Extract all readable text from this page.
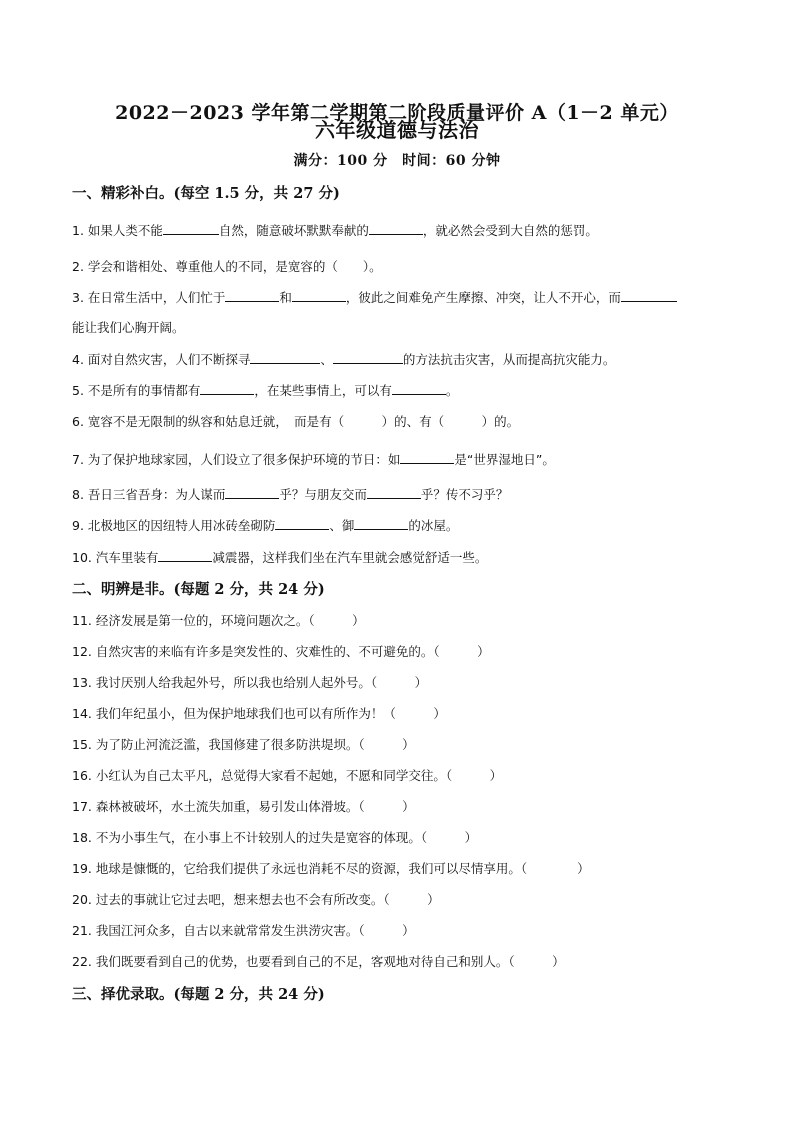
2022－2023 学年第二学期第二阶段质量评价 A（1－2 单元）
六年级道德与法治
满分：100 分　时间：60 分钟
一、精彩补白。(每空 1.5 分，共 27 分)
1. 如果人类不能	自然，随意破坏默默奉献的	，就必然会受到大自然的惩罚。
2. 学会和谐相处、尊重他人的不同，是宽容的（　　）。
3. 在日常生活中，人们忙于	和	，彼此之间难免产生摩擦、冲突，让人不开心，而
能让我们心胸开阔。
4. 面对自然灾害，人们不断探寻	、	的方法抗击灾害，从而提高抗灾能力。
5. 不是所有的事情都有	，在某些事情上，可以有	。
6. 宽容不是无限制的纵容和姑息迁就，　而是有（　　　）的、有（　　　）的。
7. 为了保护地球家园，人们设立了很多保护环境的节日：如	是“世界湿地日”。
8. 吾日三省吾身：为人谋而	乎？与朋友交而	乎？传不习乎？
9. 北极地区的因纽特人用冰砖垒砌防	、御	的冰屋。
10. 汽车里装有	减震器，这样我们坐在汽车里就会感觉舒适一些。
二、明辨是非。(每题 2 分，共 24 分)
11. 经济发展是第一位的，环境问题次之。（　　　）
12. 自然灾害的来临有许多是突发性的、灾难性的、不可避免的。（　　　）
13. 我讨厌别人给我起外号，所以我也给别人起外号。（　　　）
14. 我们年纪虽小，但为保护地球我们也可以有所作为！（　　　）
15. 为了防止河流泛滥，我国修建了很多防洪堤坝。（　　　）
16. 小红认为自己太平凡，总觉得大家看不起她，不愿和同学交往。（　　　）
17. 森林被破坏，水土流失加重，易引发山体滑坡。（　　　）
18. 不为小事生气，在小事上不计较别人的过失是宽容的体现。（　　　）
19. 地球是慷慨的，它给我们提供了永远也消耗不尽的资源，我们可以尽情享用。（　　　　）
20. 过去的事就让它过去吧，想来想去也不会有所改变。（　　　）
21. 我国江河众多，自古以来就常常发生洪涝灾害。（　　　）
22. 我们既要看到自己的优势，也要看到自己的不足，客观地对待自己和别人。（　　　）
三、择优录取。(每题 2 分，共 24 分)
